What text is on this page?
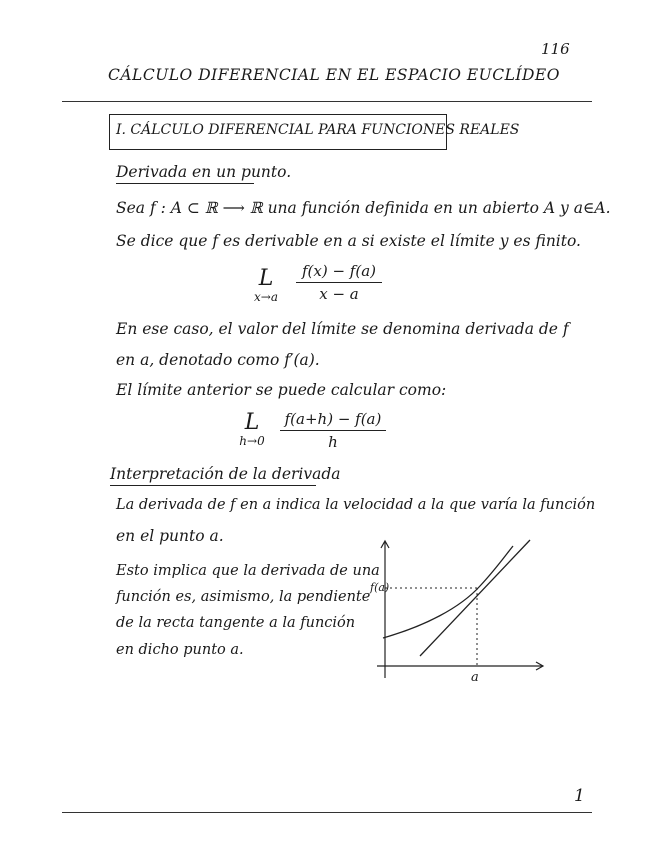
116
1
CÁLCULO DIFERENCIAL EN EL ESPACIO EUCLÍDEO
I. CÁLCULO DIFERENCIAL PARA FUNCIONES REALES
Derivada en un punto.
Sea f : A ⊂ ℝ ⟶ ℝ una función definida en un abierto A y a∈A.
Se dice que f es derivable en a si existe el límite y es finito.
L
x→a
f(x) − f(a)
x − a
En ese caso, el valor del límite se denomina derivada de f
en a, denotado como f′(a).
El límite anterior se puede calcular como:
L
h→0
f(a+h) − f(a)
h
Interpretación de la derivada
La derivada de f en a indica la velocidad a la que varía la función
en el punto a.
Esto implica que la derivada de una
función es, asimismo, la pendiente
de la recta tangente a la función
en dicho punto a.
f(a)
a
